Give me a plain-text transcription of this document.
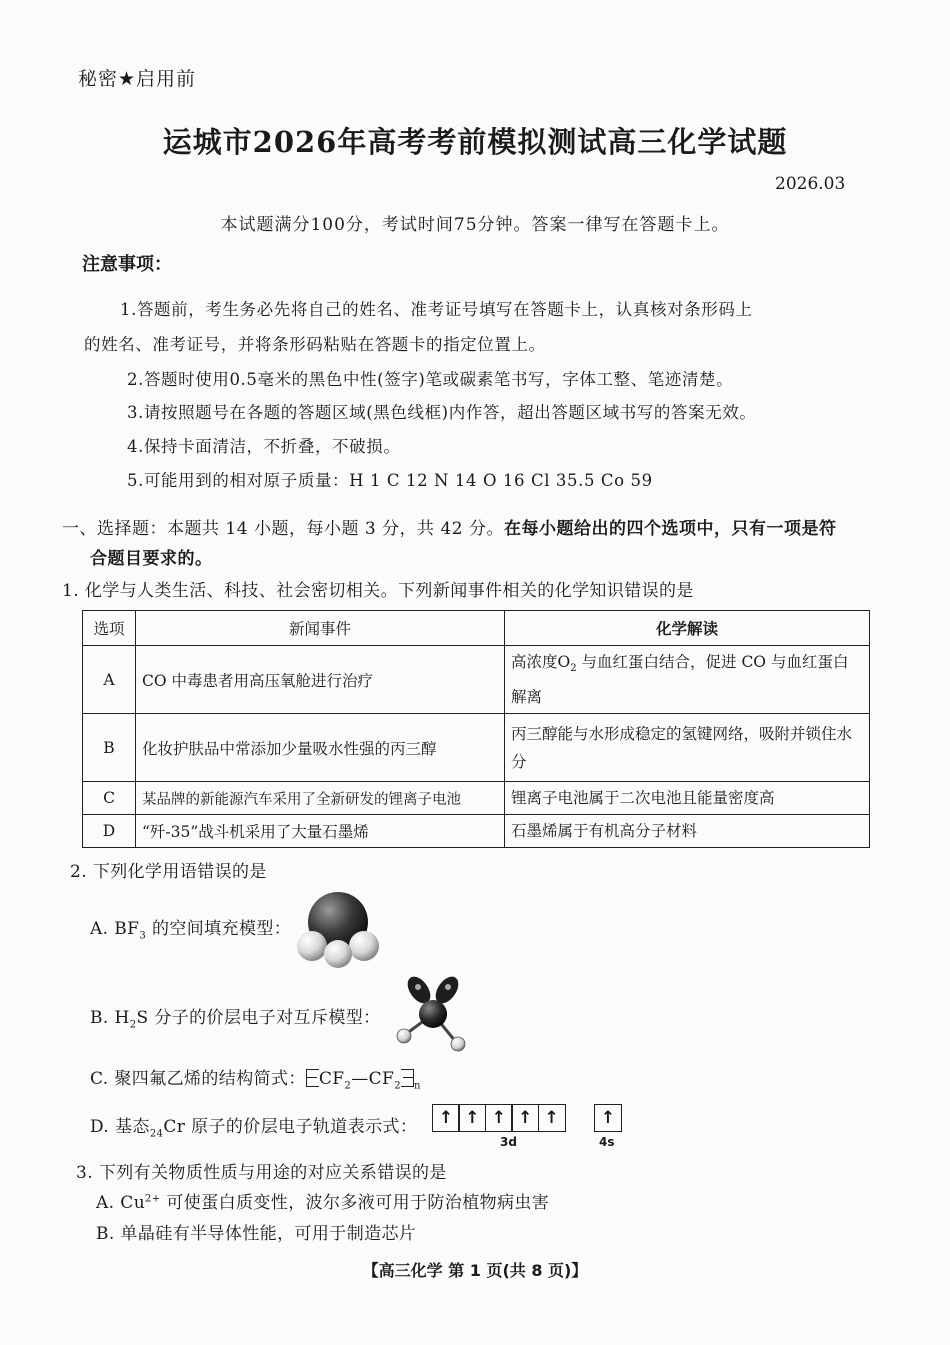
秘密★启用前
运城市2026年高考考前模拟测试高三化学试题
2026.03
本试题满分100分，考试时间75分钟。答案一律写在答题卡上。
注意事项：
1.答题前，考生务必先将自己的姓名、准考证号填写在答题卡上，认真核对条形码上
的姓名、准考证号，并将条形码粘贴在答题卡的指定位置上。
2.答题时使用0.5毫米的黑色中性(签字)笔或碳素笔书写，字体工整、笔迹清楚。
3.请按照题号在各题的答题区域(黑色线框)内作答，超出答题区域书写的答案无效。
4.保持卡面清洁，不折叠，不破损。
5.可能用到的相对原子质量：H 1 C 12 N 14 O 16 Cl 35.5 Co 59
一、选择题：本题共 14 小题，每小题 3 分，共 42 分。在每小题给出的四个选项中，只有一项是符
合题目要求的。
1. 化学与人类生活、科技、社会密切相关。下列新闻事件相关的化学知识错误的是
选项	新闻事件	化学解读
A	CO 中毒患者用高压氧舱进行治疗	高浓度$O_2$ 与血红蛋白结合，促进 CO 与血红蛋白解离
B	化妆护肤品中常添加少量吸水性强的丙三醇	丙三醇能与水形成稳定的氢键网络，吸附并锁住水分
C	某品牌的新能源汽车采用了全新研发的锂离子电池	锂离子电池属于二次电池且能量密度高
D	“歼-35”战斗机采用了大量石墨烯	石墨烯属于有机高分子材料
2. 下列化学用语错误的是
A. $BF_3$ 的空间填充模型：
B. $H_2S$ 分子的价层电子对互斥模型：
C. 聚四氟乙烯的结构简式： $CF_2—CF_2$ $_n$
D. 基态$_{24}$Cr 原子的价层电子轨道表示式：	↑ ↑ ↑ ↑ ↑	↑
3d	4s
3. 下列有关物质性质与用途的对应关系错误的是
A. $Cu^{2+}$ 可使蛋白质变性，波尔多液可用于防治植物病虫害
B. 单晶硅有半导体性能，可用于制造芯片
【高三化学 第 1 页(共 8 页)】
